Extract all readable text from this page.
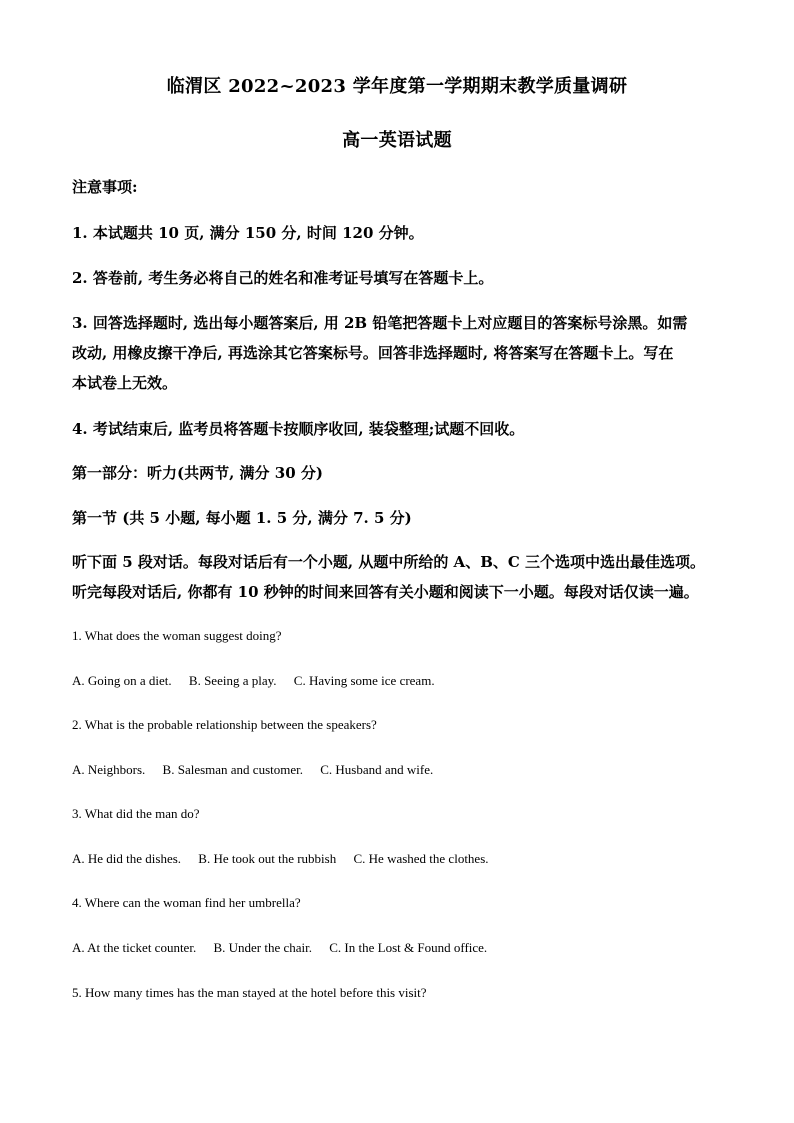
临渭区 2022~2023 学年度第一学期期末教学质量调研
高一英语试题
注意事项:
1. 本试题共 10 页, 满分 150 分, 时间 120 分钟。
2. 答卷前, 考生务必将自己的姓名和准考证号填写在答题卡上。
3. 回答选择题时, 选出每小题答案后, 用 2B 铅笔把答题卡上对应题目的答案标号涂黑。如需
改动, 用橡皮擦干净后, 再选涂其它答案标号。回答非选择题时, 将答案写在答题卡上。写在
本试卷上无效。
4. 考试结束后, 监考员将答题卡按顺序收回, 装袋整理;试题不回收。
第一部分：听力(共两节, 满分 30 分)
第一节 (共 5 小题, 每小题 1. 5 分, 满分 7. 5 分)
听下面 5 段对话。每段对话后有一个小题, 从题中所给的 A、B、C 三个选项中选出最佳选项。
听完每段对话后, 你都有 10 秒钟的时间来回答有关小题和阅读下一小题。每段对话仅读一遍。
1. What does the woman suggest doing?
A. Going on a diet. B. Seeing a play. C. Having some ice cream.
2. What is the probable relationship between the speakers?
A. Neighbors. B. Salesman and customer. C. Husband and wife.
3. What did the man do?
A. He did the dishes. B. He took out the rubbish C. He washed the clothes.
4. Where can the woman find her umbrella?
A. At the ticket counter. B. Under the chair. C. In the Lost & Found office.
5. How many times has the man stayed at the hotel before this visit?
